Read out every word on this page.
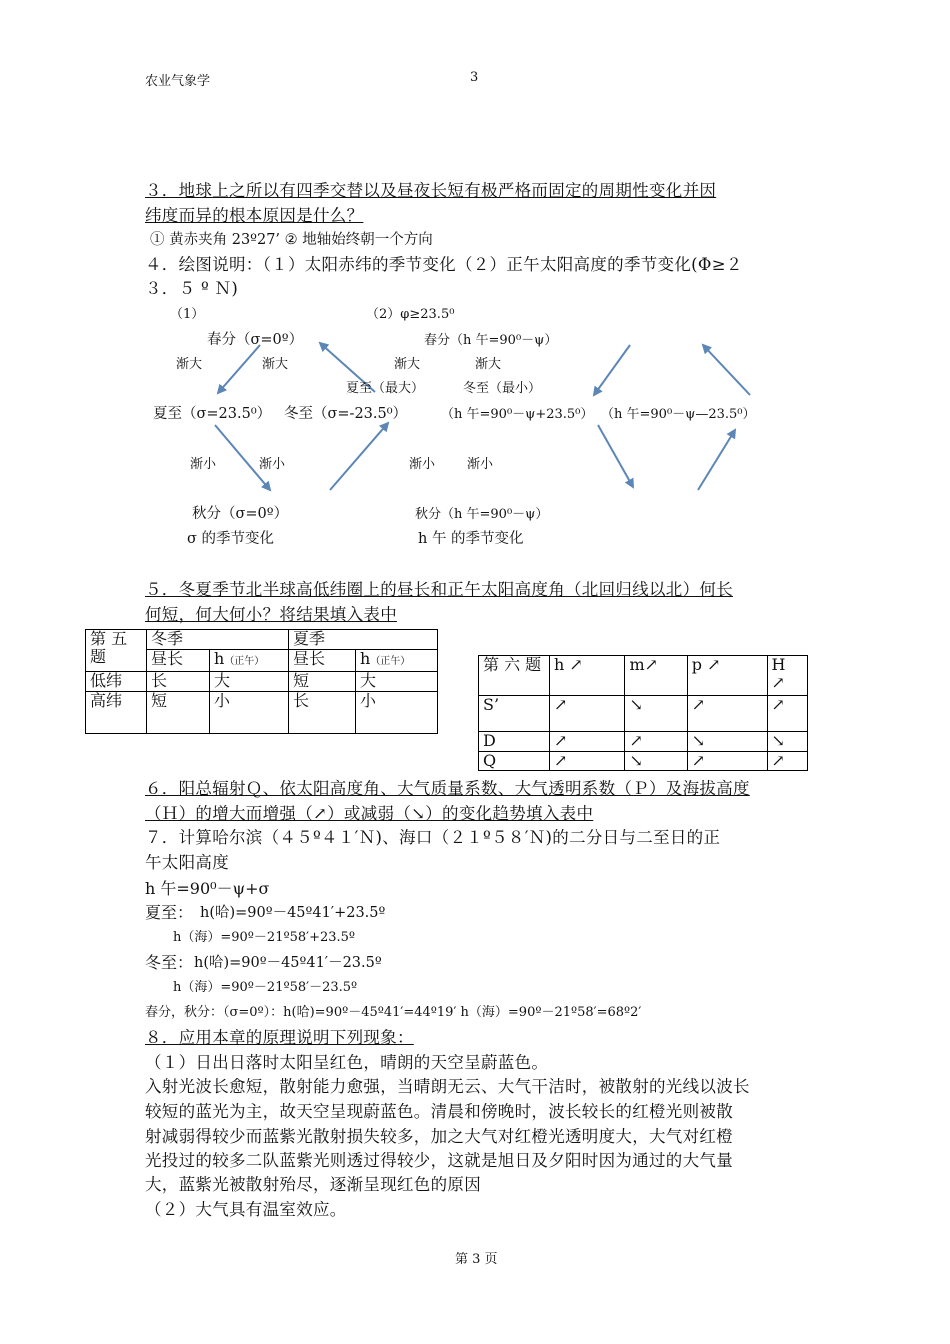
农业气象学	3
３．地球上之所以有四季交替以及昼夜长短有极严格而固定的周期性变化并因
纬度而异的根本原因是什么？
① 黄赤夹角 23º27’ ② 地轴始终朝一个方向
４．绘图说明：（１）太阳赤纬的季节变化（２）正午太阳高度的季节变化(Φ≥２
３．５ º Ｎ)
（1）
春分（σ=0º）
渐大	渐大
夏至（σ=23.5⁰） 冬至（σ=-23.5⁰）
渐小	渐小
秋分（σ=0º）
σ 的季节变化
（2）φ≥23.5⁰
春分（h 午=90⁰－ψ）
渐大	渐大
夏至（最大）	冬至（最小）
（h 午=90⁰－ψ+23.5⁰） （h 午=90⁰－ψ—23.5⁰）
渐小 渐小
秋分（h 午=90⁰－ψ）
h 午 的季节变化
５．冬夏季节北半球高低纬圈上的昼长和正午太阳高度角（北回归线以北）何长
何短，何大何小？将结果填入表中
第 五 题	冬季		夏季	
	昼长	h（正午）	昼长	h（正午）
低纬	长	大	短	大
高纬	短	小	长	小
第 六 题	h ↗	m↗	p ↗	H ↗
S’	↗	↘	↗	↗
D	↗	↗	↘	↘
Q	↗	↘	↗	↗
６．阳总辐射Ｑ、依太阳高度角、大气质量系数、大气透明系数（Ｐ）及海拔高度
（Ｈ）的增大而增强（↗）或减弱（↘）的变化趋势填入表中
７．计算哈尔滨（４５º４１′Ｎ)、海口（２１º５８′Ｎ)的二分日与二至日的正
午太阳高度
h 午=90⁰－ψ+σ
夏至： h(哈)=90º－45º41′+23.5º
h（海）=90º－21º58′+23.5º
冬至： h(哈)=90º－45º41′－23.5º
h（海）=90º－21º58′－23.5º
春分，秋分：（σ=0º）：h(哈)=90º－45º41′=44º19′ h（海）=90º－21º58′=68º2′
８．应用本章的原理说明下列现象：
（１）日出日落时太阳呈红色，晴朗的天空呈蔚蓝色。
入射光波长愈短，散射能力愈强，当晴朗无云、大气干洁时，被散射的光线以波长
较短的蓝光为主，故天空呈现蔚蓝色。清晨和傍晚时，波长较长的红橙光则被散
射减弱得较少而蓝紫光散射损失较多，加之大气对红橙光透明度大，大气对红橙
光投过的较多二队蓝紫光则透过得较少，这就是旭日及夕阳时因为通过的大气量
大，蓝紫光被散射殆尽，逐渐呈现红色的原因
（２）大气具有温室效应。
第 3 页
